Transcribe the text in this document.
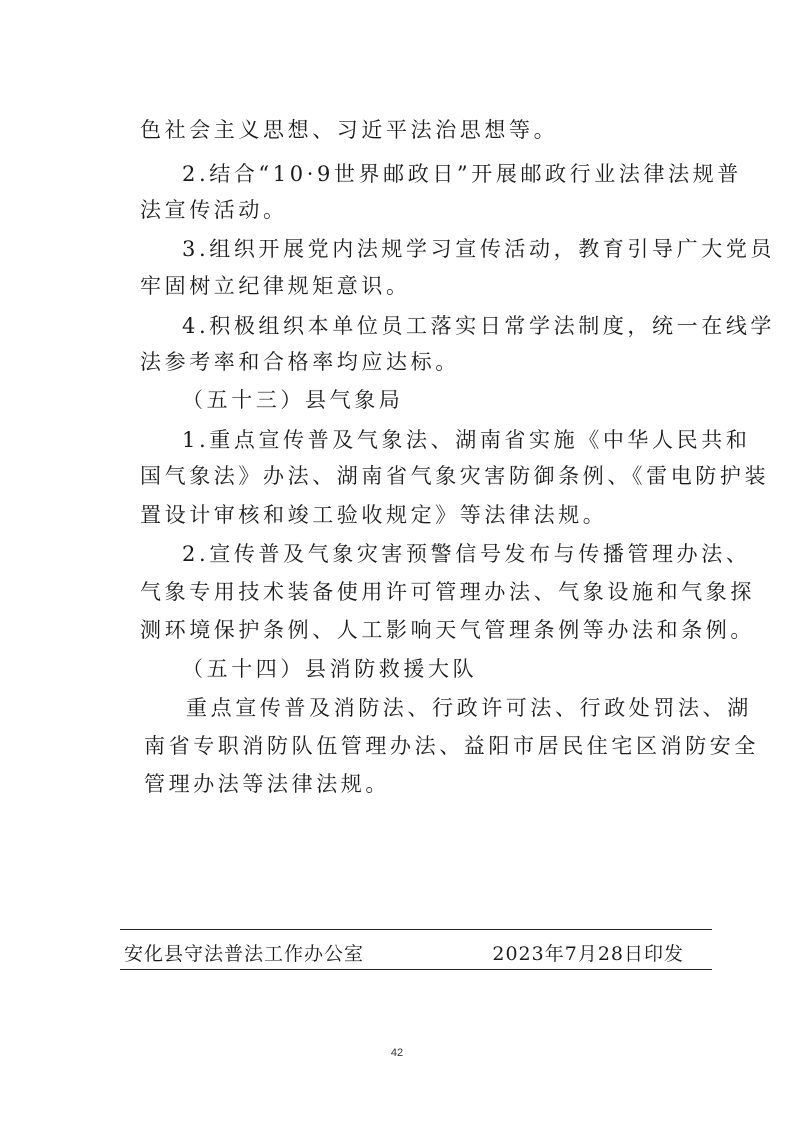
色社会主义思想、习近平法治思想等。
2.结合“10·9世界邮政日”开展邮政行业法律法规普
法宣传活动。
3.组织开展党内法规学习宣传活动，教育引导广大党员
牢固树立纪律规矩意识。
4.积极组织本单位员工落实日常学法制度，统一在线学
法参考率和合格率均应达标。
（五十三）县气象局
1.重点宣传普及气象法、湖南省实施《中华人民共和
国气象法》办法、湖南省气象灾害防御条例、《雷电防护装
置设计审核和竣工验收规定》等法律法规。
2.宣传普及气象灾害预警信号发布与传播管理办法、
气象专用技术装备使用许可管理办法、气象设施和气象探
测环境保护条例、人工影响天气管理条例等办法和条例。
（五十四）县消防救援大队
重点宣传普及消防法、行政许可法、行政处罚法、湖
南省专职消防队伍管理办法、益阳市居民住宅区消防安全
管理办法等法律法规。
安化县守法普法工作办公室	2023年7月28日印发
42
